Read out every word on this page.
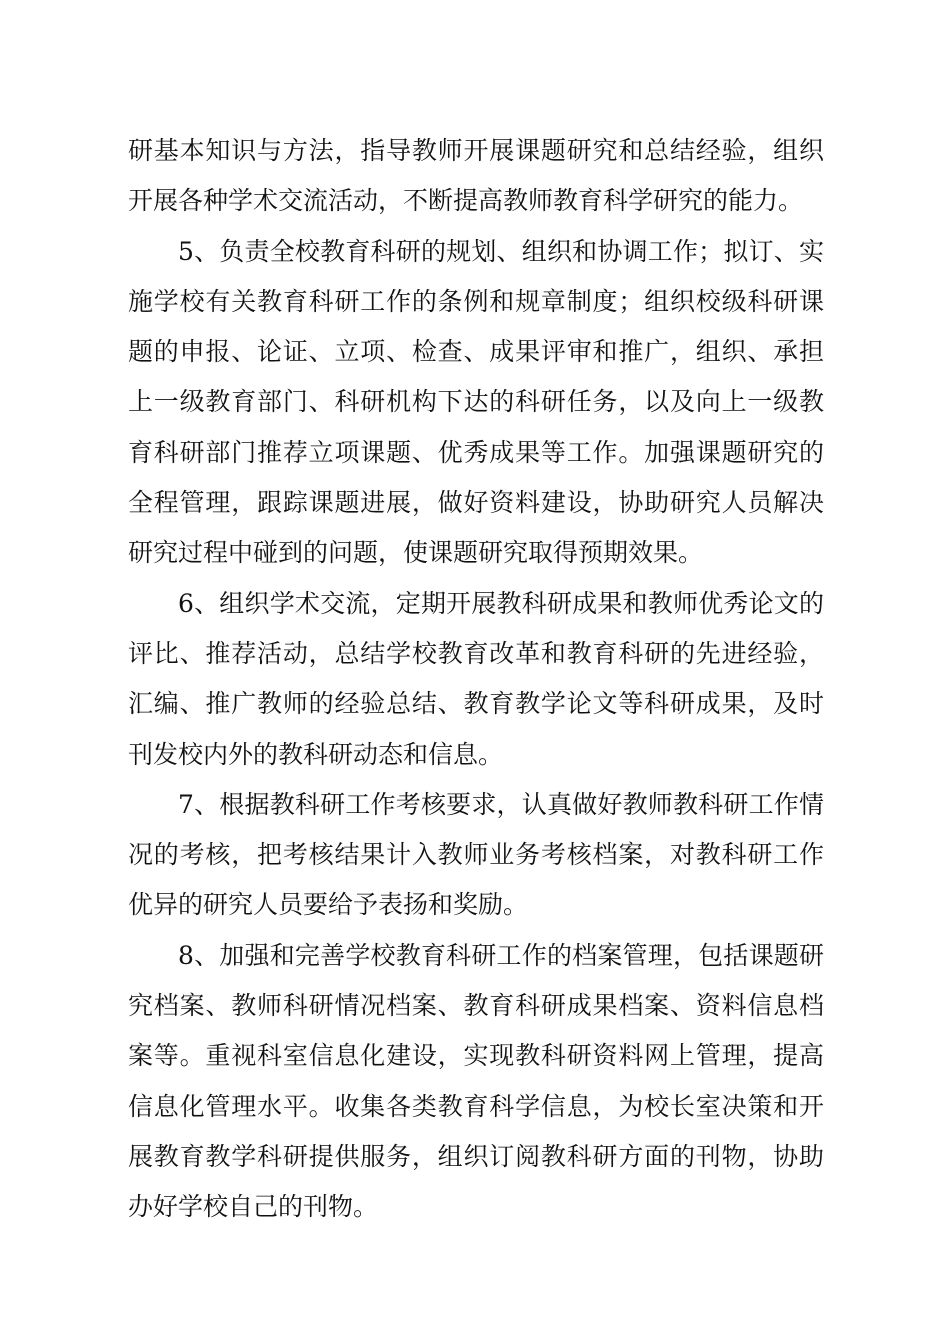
研基本知识与方法，指导教师开展课题研究和总结经验，组织开展各种学术交流活动，不断提高教师教育科学研究的能力。

5、负责全校教育科研的规划、组织和协调工作；拟订、实施学校有关教育科研工作的条例和规章制度；组织校级科研课题的申报、论证、立项、检查、成果评审和推广，组织、承担上一级教育部门、科研机构下达的科研任务，以及向上一级教育科研部门推荐立项课题、优秀成果等工作。加强课题研究的全程管理，跟踪课题进展，做好资料建设，协助研究人员解决研究过程中碰到的问题，使课题研究取得预期效果。

6、组织学术交流，定期开展教科研成果和教师优秀论文的评比、推荐活动，总结学校教育改革和教育科研的先进经验，汇编、推广教师的经验总结、教育教学论文等科研成果，及时刊发校内外的教科研动态和信息。

7、根据教科研工作考核要求，认真做好教师教科研工作情况的考核，把考核结果计入教师业务考核档案，对教科研工作优异的研究人员要给予表扬和奖励。

8、加强和完善学校教育科研工作的档案管理，包括课题研究档案、教师科研情况档案、教育科研成果档案、资料信息档案等。重视科室信息化建设，实现教科研资料网上管理，提高信息化管理水平。收集各类教育科学信息，为校长室决策和开展教育教学科研提供服务，组织订阅教科研方面的刊物，协助办好学校自己的刊物。
